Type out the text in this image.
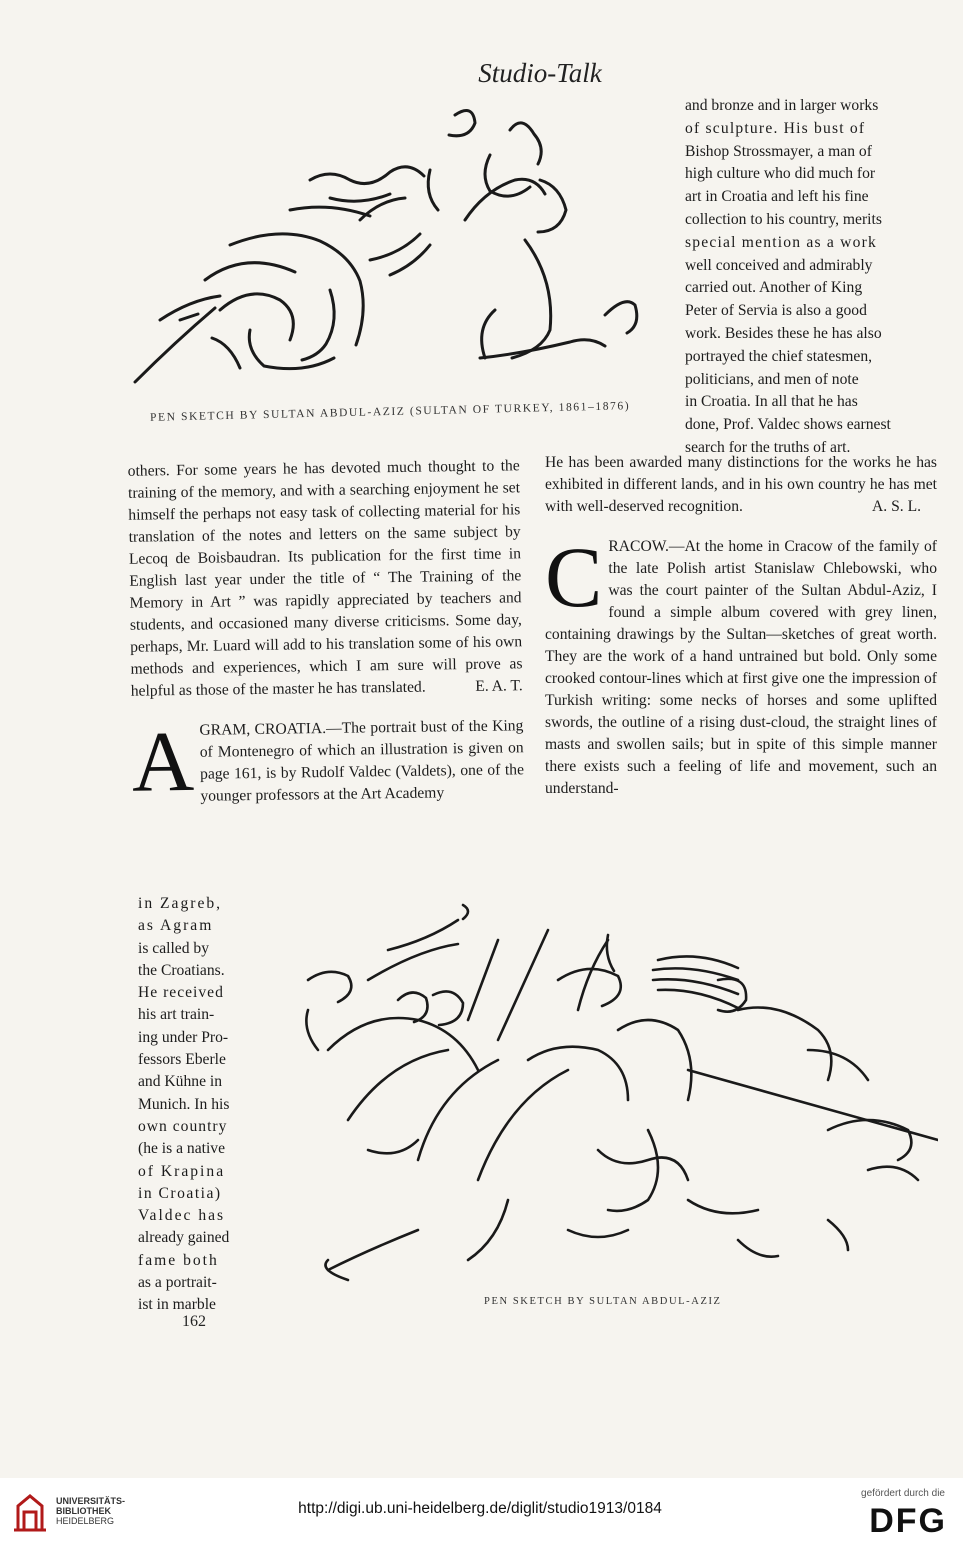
Studio-Talk
PEN SKETCH BY SULTAN ABDUL-AZIZ (SULTAN OF TURKEY, 1861–1876)
and bronze and in larger works
of sculpture. His bust of
Bishop Strossmayer, a man of
high culture who did much for
art in Croatia and left his fine
collection to his country, merits
special mention as a work
well conceived and admirably
carried out. Another of King
Peter of Servia is also a good
work. Besides these he has also
portrayed the chief statesmen,
politicians, and men of note
in Croatia. In all that he has
done, Prof. Valdec shows earnest
search for the truths of art.

others. For some years he has devoted much thought to the training of the memory, and with a searching enjoyment he set himself the perhaps not easy task of collecting material for his translation of the notes and letters on the same subject by Lecoq de Boisbaudran. Its publication for the first time in English last year under the title of “ The Training of the Memory in Art ” was rapidly appreciated by teachers and students, and occasioned many diverse criticisms. Some day, perhaps, Mr. Luard will add to his translation some of his own methods and experiences, which I am sure will prove as helpful as those of the master he has translated.	E. A. T.

A GRAM, CROATIA.—The portrait bust of the King of Montenegro of which an illustration is given on page 161, is by Rudolf Valdec (Valdets), one of the younger professors at the Art Academy

in Zagreb,
as Agram
is called by
the Croatians.
He received
his art train-
ing under Pro-
fessors Eberle
and Kühne in
Munich. In his
own country
(he is a native
of Krapina
in Croatia)
Valdec has
already gained
fame both
as a portrait-
ist in marble

He has been awarded many distinctions for the works he has exhibited in different lands, and in his own country he has met with well-deserved recognition.	A. S. L.

C RACOW.—At the home in Cracow of the family of the late Polish artist Stanislaw Chlebowski, who was the court painter of the Sultan Abdul-Aziz, I found a simple album covered with grey linen, containing drawings by the Sultan—sketches of great worth. They are the work of a hand untrained but bold. Only some crooked contour-lines which at first give one the impression of Turkish writing: some necks of horses and some uplifted swords, the outline of a rising dust-cloud, the straight lines of masts and swollen sails; but in spite of this simple manner there exists such a feeling of life and movement, such an understand-

PEN SKETCH BY SULTAN ABDUL-AZIZ
162
UNIVERSITÄTS-
BIBLIOTHEK
HEIDELBERG
http://digi.ub.uni-heidelberg.de/diglit/studio1913/0184
gefördert durch die
DFG
